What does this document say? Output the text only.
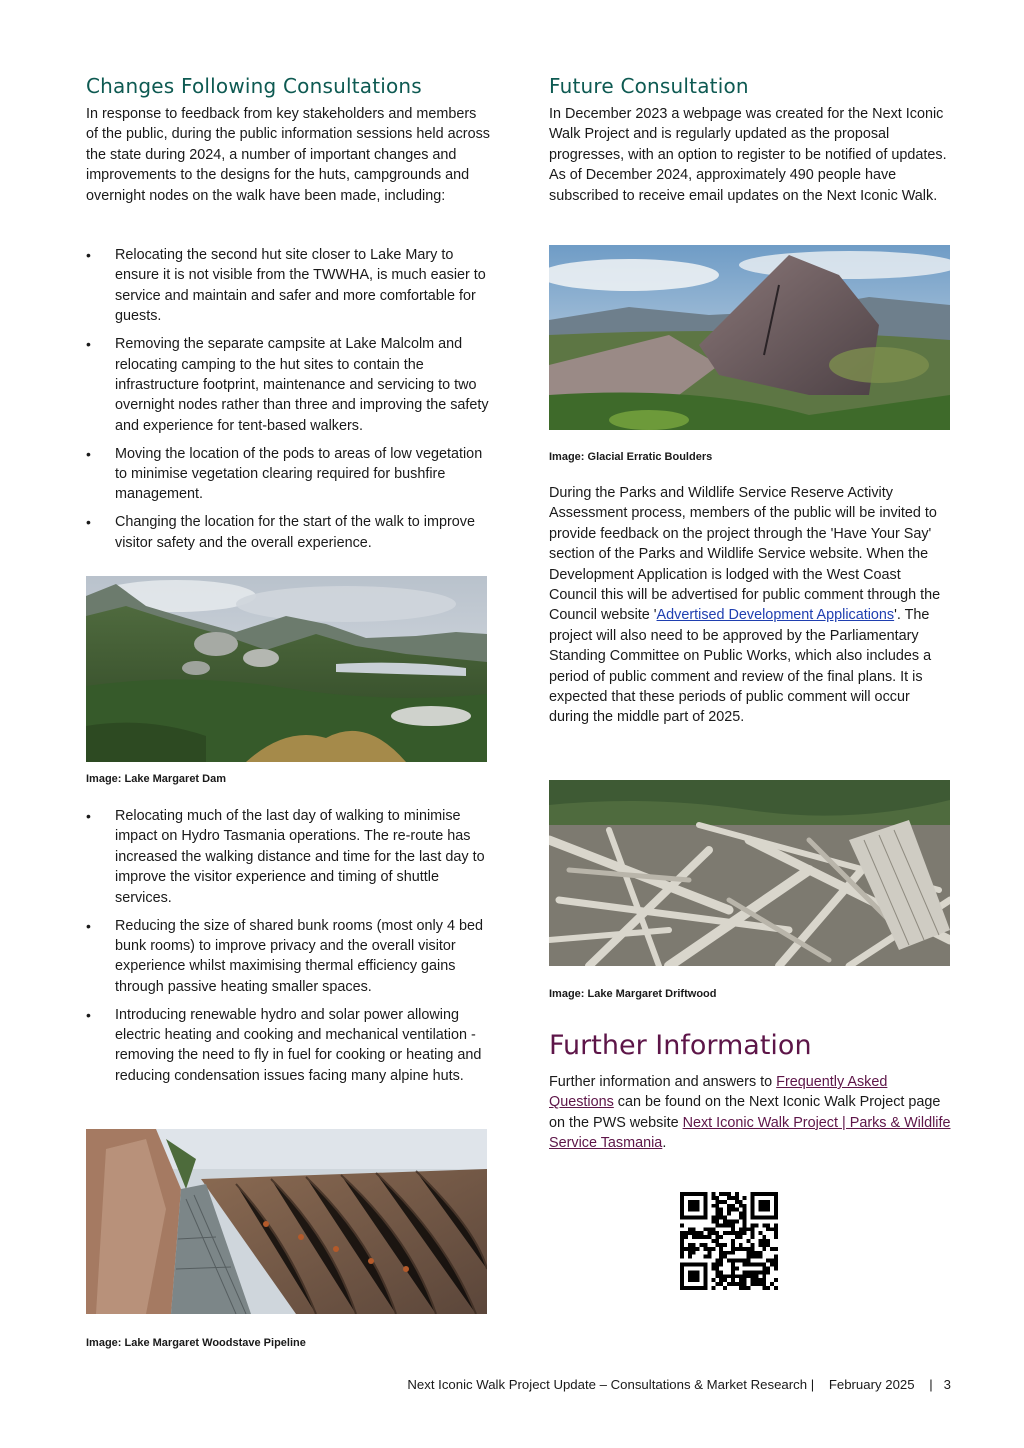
Changes Following Consultations

In response to feedback from key stakeholders and members of the public, during the public information sessions held across the state during 2024, a number of important changes and improvements to the designs for the huts, campgrounds and overnight nodes on the walk have been made, including:

• Relocating the second hut site closer to Lake Mary to ensure it is not visible from the TWWHA, is much easier to service and maintain and safer and more comfortable for guests.
• Removing the separate campsite at Lake Malcolm and relocating camping to the hut sites to contain the infrastructure footprint, maintenance and servicing to two overnight nodes rather than three and improving the safety and experience for tent-based walkers.
• Moving the location of the pods to areas of low vegetation to minimise vegetation clearing required for bushfire management.
• Changing the location for the start of the walk to improve visitor safety and the overall experience.

Image: Lake Margaret Dam

• Relocating much of the last day of walking to minimise impact on Hydro Tasmania operations. The re-route has increased the walking distance and time for the last day to improve the visitor experience and timing of shuttle services.
• Reducing the size of shared bunk rooms (most only 4 bed bunk rooms) to improve privacy and the overall visitor experience whilst maximising thermal efficiency gains through passive heating smaller spaces.
• Introducing renewable hydro and solar power allowing electric heating and cooking and mechanical ventilation - removing the need to fly in fuel for cooking or heating and reducing condensation issues facing many alpine huts.

Image: Lake Margaret Woodstave Pipeline

Future Consultation

In December 2023 a webpage was created for the Next Iconic Walk Project and is regularly updated as the proposal progresses, with an option to register to be notified of updates. As of December 2024, approximately 490 people have subscribed to receive email updates on the Next Iconic Walk.

Image: Glacial Erratic Boulders

During the Parks and Wildlife Service Reserve Activity Assessment process, members of the public will be invited to provide feedback on the project through the 'Have Your Say' section of the Parks and Wildlife Service website. When the Development Application is lodged with the West Coast Council this will be advertised for public comment through the Council website 'Advertised Development Applications'. The project will also need to be approved by the Parliamentary Standing Committee on Public Works, which also includes a period of public comment and review of the final plans. It is expected that these periods of public comment will occur during the middle part of 2025.

Image: Lake Margaret Driftwood

Further Information

Further information and answers to Frequently Asked Questions can be found on the Next Iconic Walk Project page on the PWS website Next Iconic Walk Project | Parks & Wildlife Service Tasmania.

Next Iconic Walk Project Update – Consultations & Market Research |    February 2025    |   3
